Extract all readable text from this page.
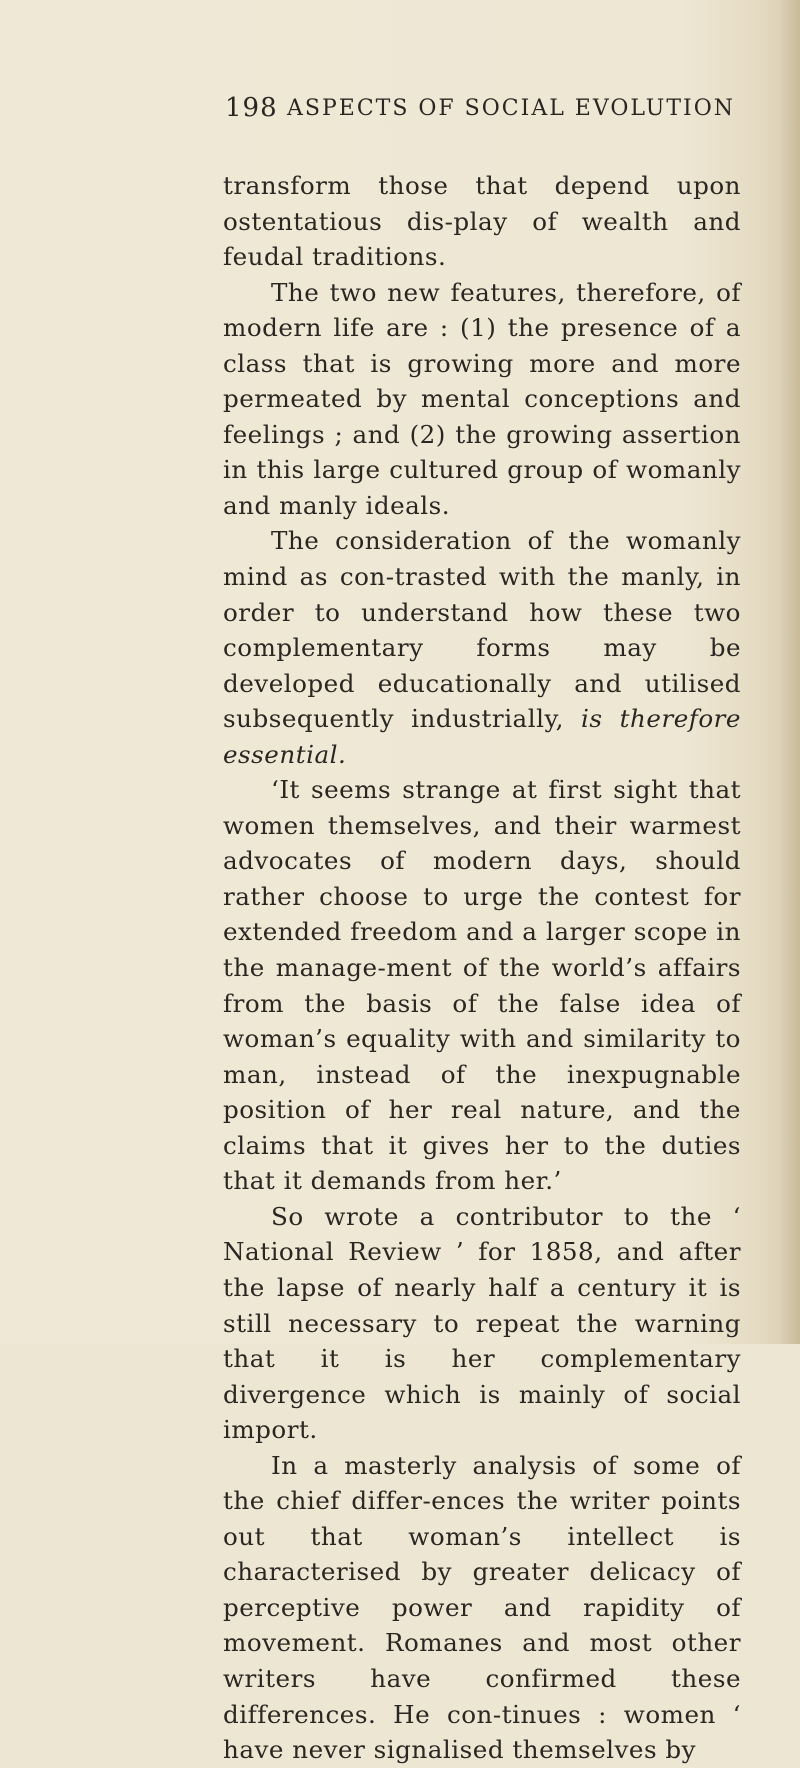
198 ASPECTS OF SOCIAL EVOLUTION

transform those that depend upon ostentatious dis-play of wealth and feudal traditions.

The two new features, therefore, of modern life are : (1) the presence of a class that is growing more and more permeated by mental conceptions and feelings ; and (2) the growing assertion in this large cultured group of womanly and manly ideals.

The consideration of the womanly mind as con-trasted with the manly, in order to understand how these two complementary forms may be developed educationally and utilised subsequently industrially, is therefore essential.

‘It seems strange at first sight that women themselves, and their warmest advocates of modern days, should rather choose to urge the contest for extended freedom and a larger scope in the manage-ment of the world’s affairs from the basis of the false idea of woman’s equality with and similarity to man, instead of the inexpugnable position of her real nature, and the claims that it gives her to the duties that it demands from her.’

So wrote a contributor to the ‘ National Review ’ for 1858, and after the lapse of nearly half a century it is still necessary to repeat the warning that it is her complementary divergence which is mainly of social import.

In a masterly analysis of some of the chief differ-ences the writer points out that woman’s intellect is characterised by greater delicacy of perceptive power and rapidity of movement. Romanes and most other writers have confirmed these differences. He con-tinues : women ‘ have never signalised themselves by
